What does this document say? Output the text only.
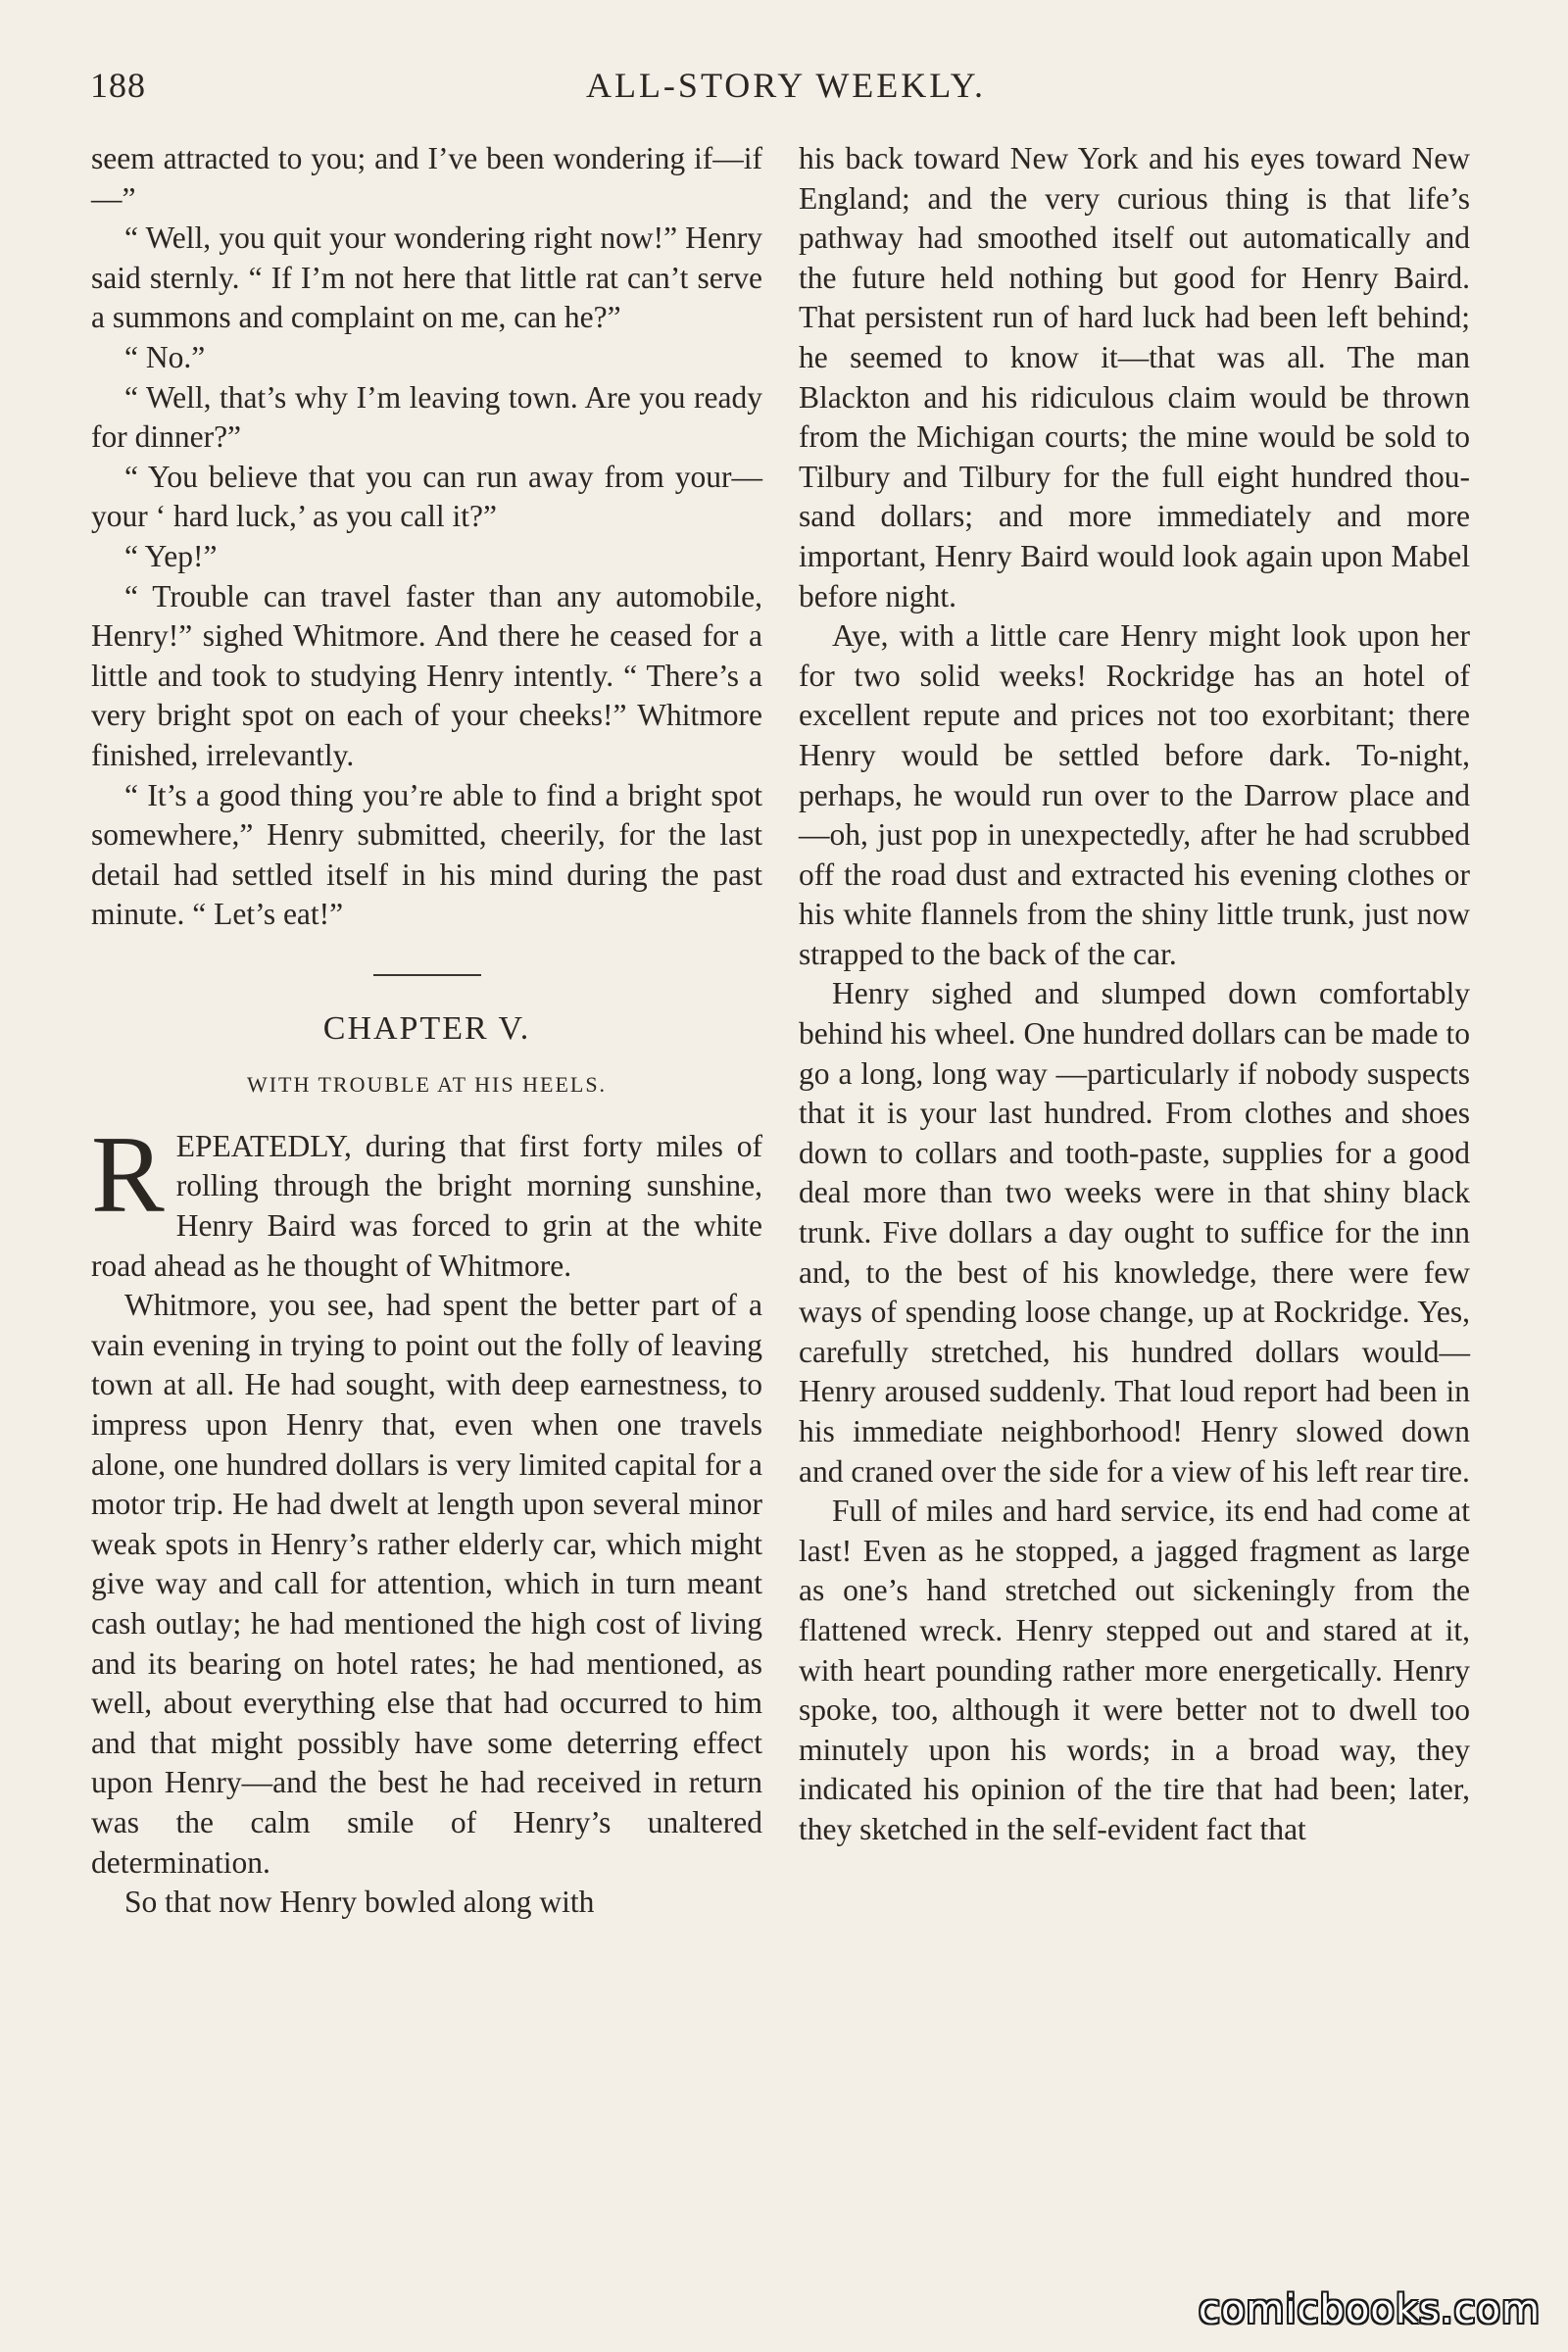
188	ALL-STORY WEEKLY.

seem attracted to you; and I’ve been wondering if—if—”

“ Well, you quit your wondering right now!” Henry said sternly. “ If I’m not here that little rat can’t serve a summons and complaint on me, can he?”

“ No.”

“ Well, that’s why I’m leaving town. Are you ready for dinner?”

“ You believe that you can run away from your—your ‘ hard luck,’ as you call it?”

“ Yep!”

“ Trouble can travel faster than any automobile, Henry!” sighed Whitmore. And there he ceased for a little and took to studying Henry intently. “ There’s a very bright spot on each of your cheeks!” Whitmore finished, irrelevantly.

“ It’s a good thing you’re able to find a bright spot somewhere,” Henry submitted, cheerily, for the last detail had settled itself in his mind during the past minute. “ Let’s eat!”

CHAPTER V.
WITH TROUBLE AT HIS HEELS.

REPEATEDLY, during that first forty miles of rolling through the bright morning sunshine, Henry Baird was forced to grin at the white road ahead as he thought of Whitmore.

Whitmore, you see, had spent the better part of a vain evening in trying to point out the folly of leaving town at all. He had sought, with deep earnestness, to impress upon Henry that, even when one travels alone, one hundred dollars is very limited capital for a motor trip. He had dwelt at length upon several minor weak spots in Henry’s rather elderly car, which might give way and call for attention, which in turn meant cash outlay; he had mentioned the high cost of living and its bearing on hotel rates; he had mentioned, as well, about everything else that had occurred to him and that might possibly have some deterring effect upon Henry—and the best he had received in return was the calm smile of Henry’s unaltered determination.

So that now Henry bowled along with

his back toward New York and his eyes toward New England; and the very curious thing is that life’s pathway had smoothed itself out automatically and the future held nothing but good for Henry Baird. That persistent run of hard luck had been left behind; he seemed to know it—that was all. The man Blackton and his ridiculous claim would be thrown from the Michigan courts; the mine would be sold to Tilbury and Tilbury for the full eight hundred thousand dollars; and more immediately and more important, Henry Baird would look again upon Mabel before night.

Aye, with a little care Henry might look upon her for two solid weeks! Rockridge has an hotel of excellent repute and prices not too exorbitant; there Henry would be settled before dark. To-night, perhaps, he would run over to the Darrow place and—oh, just pop in unexpectedly, after he had scrubbed off the road dust and extracted his evening clothes or his white flannels from the shiny little trunk, just now strapped to the back of the car.

Henry sighed and slumped down comfortably behind his wheel. One hundred dollars can be made to go a long, long way —particularly if nobody suspects that it is your last hundred. From clothes and shoes down to collars and tooth-paste, supplies for a good deal more than two weeks were in that shiny black trunk. Five dollars a day ought to suffice for the inn and, to the best of his knowledge, there were few ways of spending loose change, up at Rockridge. Yes, carefully stretched, his hundred dollars would— Henry aroused suddenly. That loud report had been in his immediate neighborhood! Henry slowed down and craned over the side for a view of his left rear tire.

Full of miles and hard service, its end had come at last! Even as he stopped, a jagged fragment as large as one’s hand stretched out sickeningly from the flattened wreck. Henry stepped out and stared at it, with heart pounding rather more energetically. Henry spoke, too, although it were better not to dwell too minutely upon his words; in a broad way, they indicated his opinion of the tire that had been; later, they sketched in the self-evident fact that

comicbooks.com
